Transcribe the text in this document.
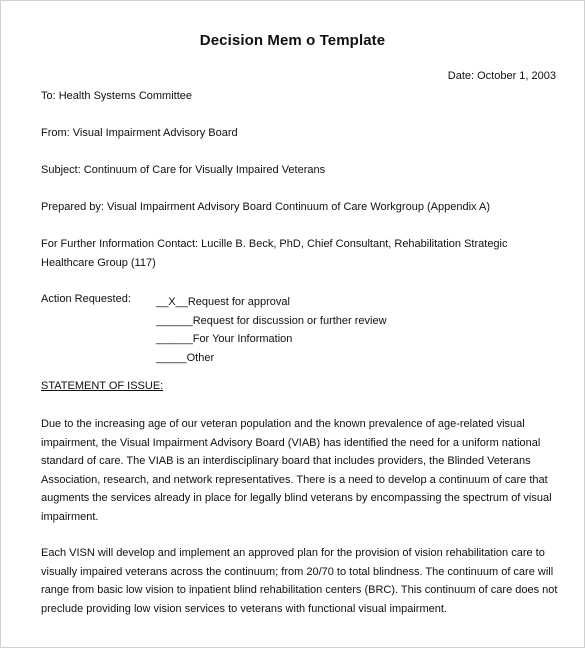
Decision Mem o Template
Date: October 1, 2003
To: Health Systems Committee
From: Visual Impairment Advisory Board
Subject: Continuum of Care for Visually Impaired Veterans
Prepared by: Visual Impairment Advisory Board Continuum of Care Workgroup (Appendix A)
For Further Information Contact: Lucille B. Beck, PhD, Chief Consultant, Rehabilitation Strategic Healthcare Group (117)
Action Requested: __X__Request for approval
______Request for discussion or further review
______For Your Information
_____Other
STATEMENT OF ISSUE:
Due to the increasing age of our veteran population and the known prevalence of age-related visual impairment, the Visual Impairment Advisory Board (VIAB) has identified the need for a uniform national standard of care. The VIAB is an interdisciplinary board that includes providers, the Blinded Veterans Association, research, and network representatives. There is a need to develop a continuum of care that augments the services already in place for legally blind veterans by encompassing the spectrum of visual impairment.
Each VISN will develop and implement an approved plan for the provision of vision rehabilitation care to visually impaired veterans across the continuum; from 20/70 to total blindness. The continuum of care will range from basic low vision to inpatient blind rehabilitation centers (BRC). This continuum of care does not preclude providing low vision services to veterans with functional visual impairment.
